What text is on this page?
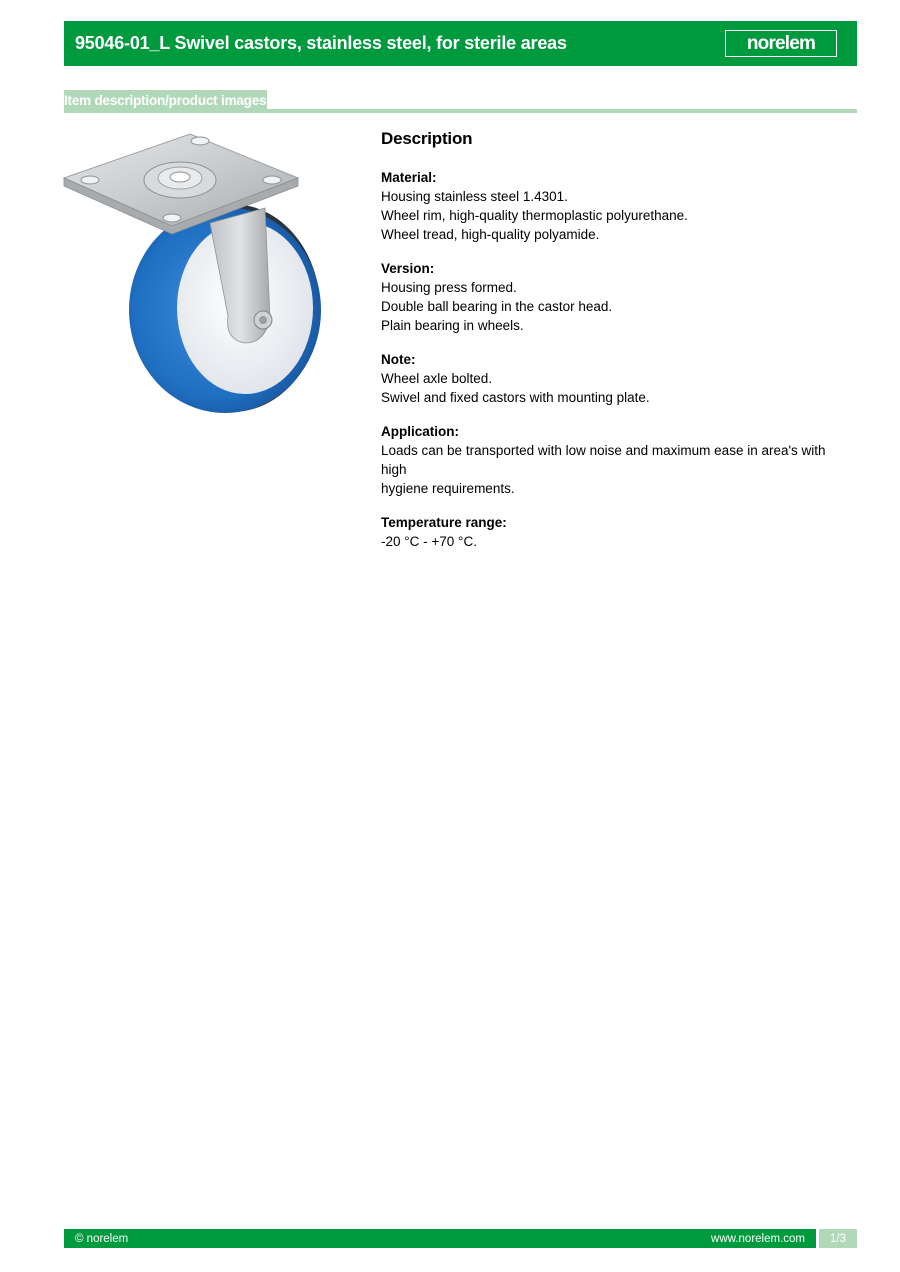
95046-01_L Swivel castors, stainless steel, for sterile areas	norelem
Item description/product images
Description
Material:
Housing stainless steel 1.4301.
Wheel rim, high-quality thermoplastic polyurethane.
Wheel tread, high-quality polyamide.
Version:
Housing press formed.
Double ball bearing in the castor head.
Plain bearing in wheels.
Note:
Wheel axle bolted.
Swivel and fixed castors with mounting plate.
Application:
Loads can be transported with low noise and maximum ease in area's with high
hygiene requirements.
Temperature range:
-20 °C - +70 °C.
© norelem	www.norelem.com	1/3
